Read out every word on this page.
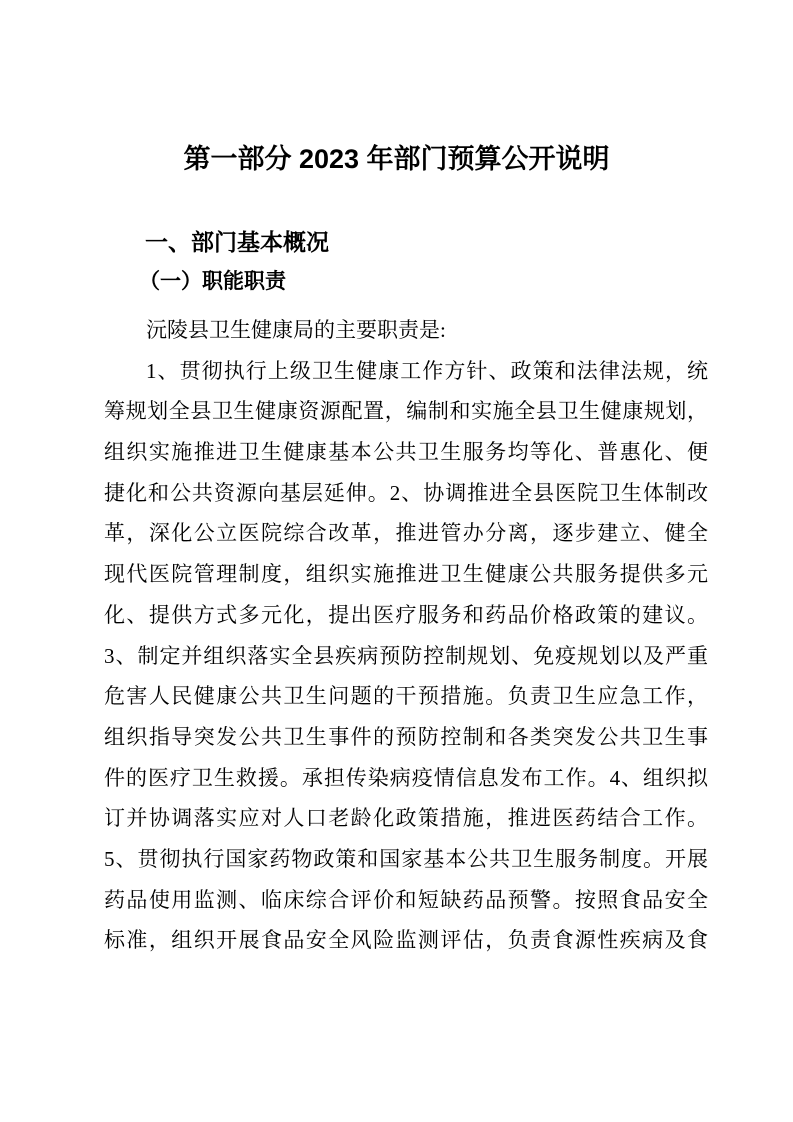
第一部分 2023 年部门预算公开说明
一、部门基本概况
（一）职能职责
沅陵县卫生健康局的主要职责是:
1、贯彻执行上级卫生健康工作方针、政策和法律法规，统
筹规划全县卫生健康资源配置，编制和实施全县卫生健康规划，
组织实施推进卫生健康基本公共卫生服务均等化、普惠化、便
捷化和公共资源向基层延伸。2、协调推进全县医院卫生体制改
革，深化公立医院综合改革，推进管办分离，逐步建立、健全
现代医院管理制度，组织实施推进卫生健康公共服务提供多元
化、提供方式多元化，提出医疗服务和药品价格政策的建议。
3、制定并组织落实全县疾病预防控制规划、免疫规划以及严重
危害人民健康公共卫生问题的干预措施。负责卫生应急工作，
组织指导突发公共卫生事件的预防控制和各类突发公共卫生事
件的医疗卫生救援。承担传染病疫情信息发布工作。4、组织拟
订并协调落实应对人口老龄化政策措施，推进医药结合工作。
5、贯彻执行国家药物政策和国家基本公共卫生服务制度。开展
药品使用监测、临床综合评价和短缺药品预警。按照食品安全
标准，组织开展食品安全风险监测评估，负责食源性疾病及食
